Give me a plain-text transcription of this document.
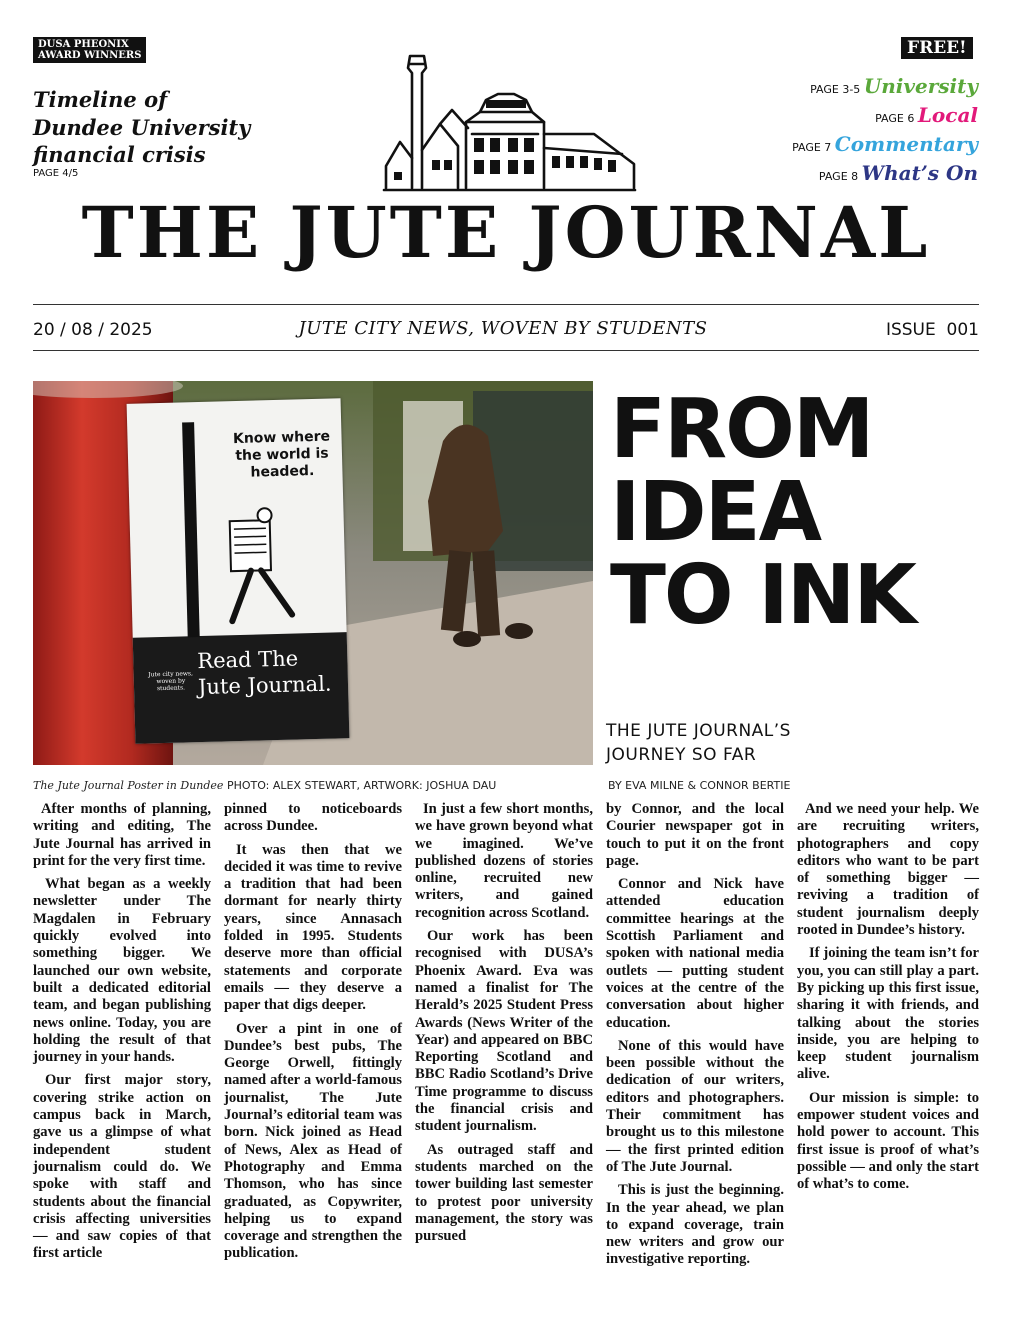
DUSA PHEONIX
AWARD WINNERS
Timeline of
Dundee University
financial crisis
PAGE 4/5
FREE!
PAGE 3-5 University
PAGE 6 Local
PAGE 7 Commentary
PAGE 8 What’s On
THE JUTE JOURNAL
20 / 08 / 2025	JUTE CITY NEWS, WOVEN BY STUDENTS	ISSUE  001
Know where
the world is
headed.
Jute city news,
woven by students.
Read The
Jute Journal.
FROM
IDEA
TO INK
THE JUTE JOURNAL’S
JOURNEY SO FAR
The Jute Journal Poster in Dundee PHOTO: ALEX STEWART, ARTWORK: JOSHUA DAU	BY EVA MILNE & CONNOR BERTIE

After months of planning, writing and editing, The Jute Journal has arrived in print for the very first time.

What began as a weekly newsletter under The Magdalen in February quickly evolved into something bigger. We launched our own website, built a dedicated editorial team, and began publishing news online. Today, you are holding the result of that journey in your hands.

Our first major story, covering strike action on campus back in March, gave us a glimpse of what independent student journalism could do. We spoke with staff and students about the financial crisis affecting universities — and saw copies of that first article

pinned to noticeboards across Dundee.

It was then that we decided it was time to revive a tradition that had been dormant for nearly thirty years, since Annasach folded in 1995. Students deserve more than official statements and corporate emails — they deserve a paper that digs deeper.

Over a pint in one of Dundee’s best pubs, The George Orwell, fittingly named after a world-famous journalist, The Jute Journal’s editorial team was born. Nick joined as Head of News, Alex as Head of Photography and Emma Thomson, who has since graduated, as Copywriter, helping us to expand coverage and strengthen the publication.

In just a few short months, we have grown beyond what we imagined. We’ve published dozens of stories online, recruited new writers, and gained recognition across Scotland.

Our work has been recognised with DUSA’s Phoenix Award. Eva was named a finalist for The Herald’s 2025 Student Press Awards (News Writer of the Year) and appeared on BBC Reporting Scotland and BBC Radio Scotland’s Drive Time programme to discuss the financial crisis and student journalism.

As outraged staff and students marched on the tower building last semester to protest poor university management, the story was pursued

by Connor, and the local Courier newspaper got in touch to put it on the front page.

Connor and Nick have attended education committee hearings at the Scottish Parliament and spoken with national media outlets — putting student voices at the centre of the conversation about higher education.

None of this would have been possible without the dedication of our writers, editors and photographers. Their commitment has brought us to this milestone — the first printed edition of The Jute Journal.

This is just the beginning. In the year ahead, we plan to expand coverage, train new writers and grow our investigative reporting.

And we need your help. We are recruiting writers, photographers and copy editors who want to be part of something bigger — reviving a tradition of student journalism deeply rooted in Dundee’s history.

If joining the team isn’t for you, you can still play a part. By picking up this first issue, sharing it with friends, and talking about the stories inside, you are helping to keep student journalism alive.

Our mission is simple: to empower student voices and hold power to account. This first issue is proof of what’s possible — and only the start of what’s to come.
